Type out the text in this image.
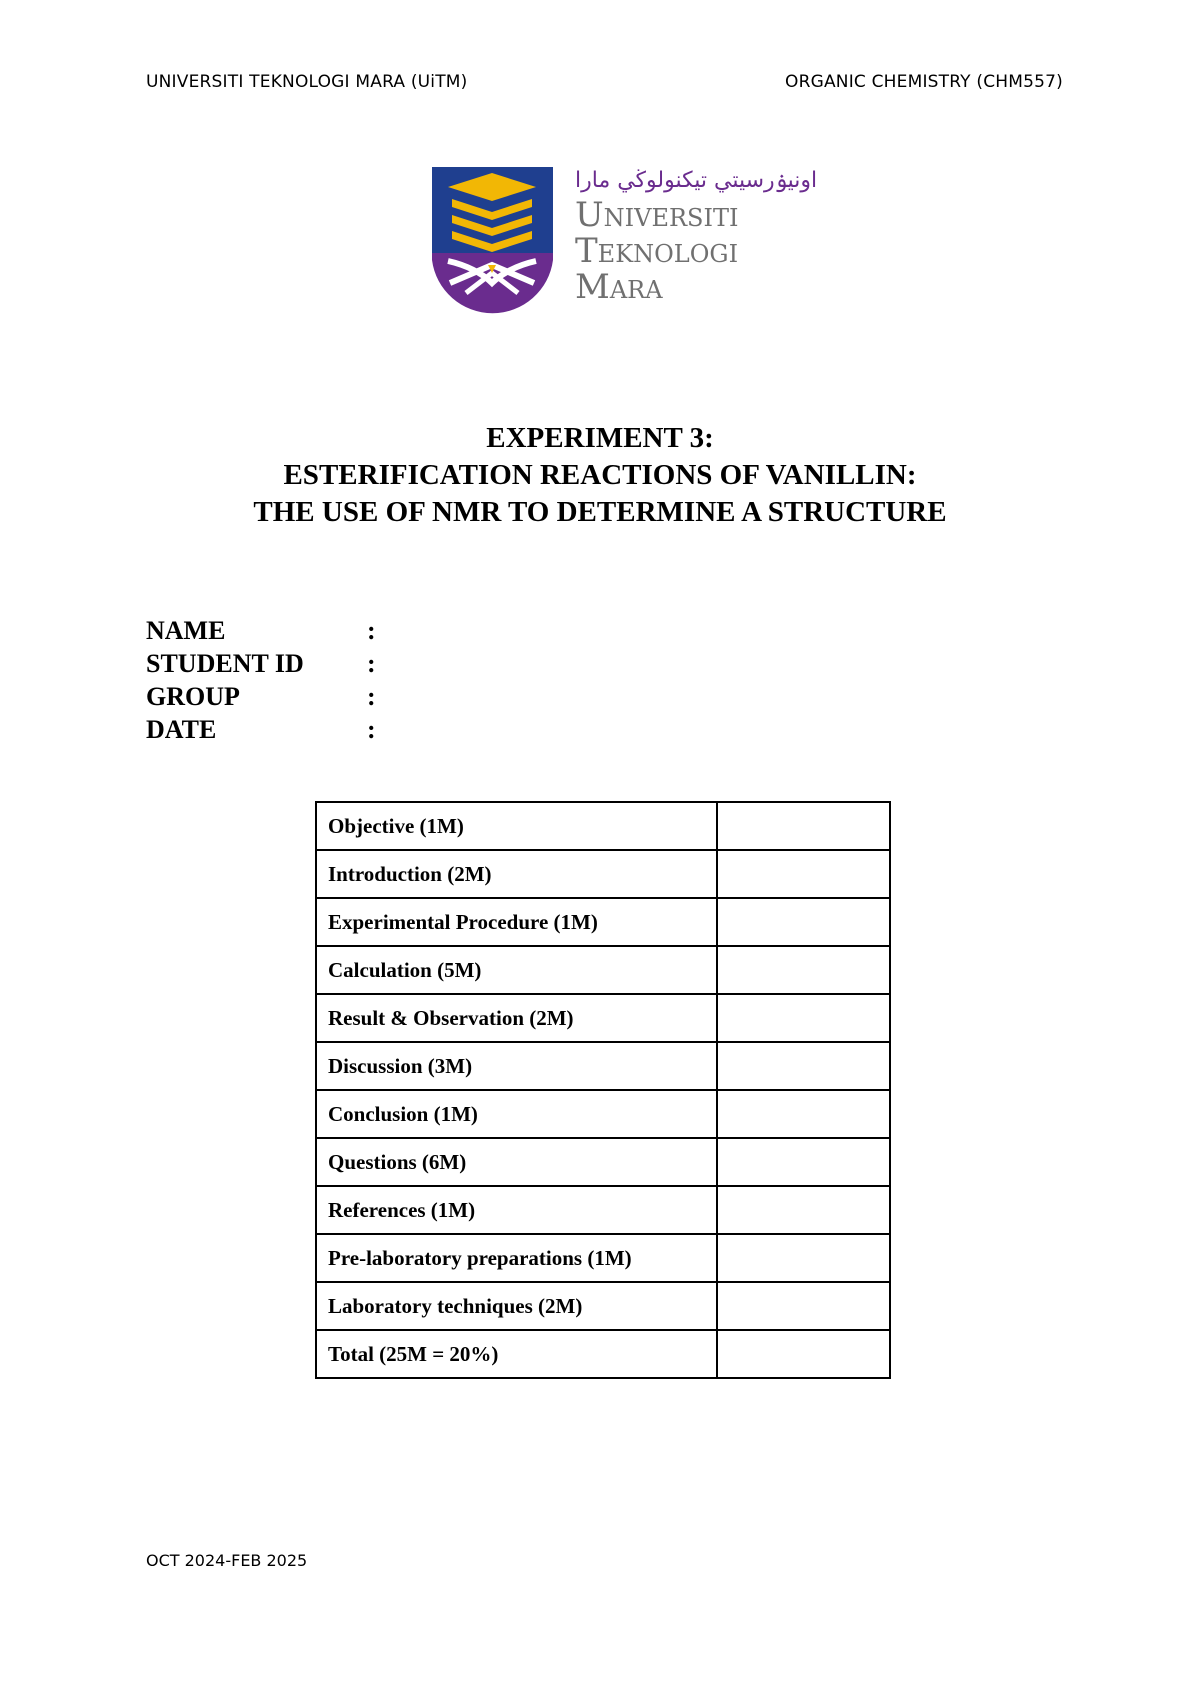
UNIVERSITI TEKNOLOGI MARA (UiTM)	ORGANIC CHEMISTRY (CHM557)
اونيۏرسيتي تيكنولوڬي مارا
Universiti
Teknologi
Mara
EXPERIMENT 3:
ESTERIFICATION REACTIONS OF VANILLIN:
THE USE OF NMR TO DETERMINE A STRUCTURE
NAME	:
STUDENT ID	:
GROUP	:
DATE	:
Objective (1M)	
Introduction (2M)	
Experimental Procedure (1M)	
Calculation (5M)	
Result & Observation (2M)	
Discussion (3M)	
Conclusion (1M)	
Questions (6M)	
References (1M)	
Pre-laboratory preparations (1M)	
Laboratory techniques (2M)	
Total (25M = 20%)	
OCT 2024-FEB 2025
